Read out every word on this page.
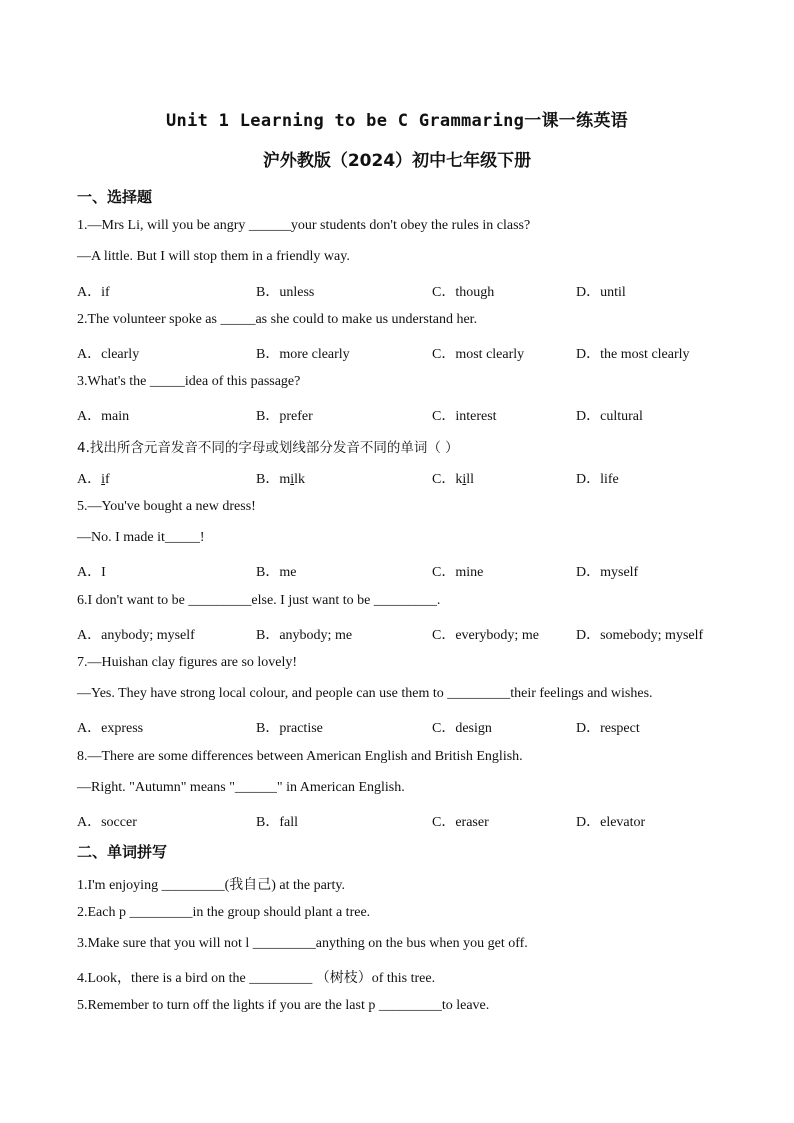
Unit 1 Learning to be C Grammaring一课一练英语
沪外教版（2024）初中七年级下册
一、选择题
1.—Mrs Li, will you be angry ______your students don't obey the rules in class?
—A little. But I will stop them in a friendly way.
A．if	B．unless	C．though	D．until
2.The volunteer spoke as _____as she could to make us understand her.
A．clearly	B．more clearly	C．most clearly	D．the most clearly
3.What's the _____idea of this passage?
A．main	B．prefer	C．interest	D．cultural
4.找出所含元音发音不同的字母或划线部分发音不同的单词（ ）
A．if	B．milk	C．kill	D．life
5.—You've bought a new dress!
—No. I made it_____!
A．I	B．me	C．mine	D．myself
6.I don't want to be _________else. I just want to be _________.
A．anybody; myself	B．anybody; me	C．everybody; me	D．somebody; myself
7.—Huishan clay figures are so lovely!
—Yes. They have strong local colour, and people can use them to _________their feelings and wishes.
A．express	B．practise	C．design	D．respect
8.—There are some differences between American English and British English.
—Right. "Autumn" means "______" in American English.
A．soccer	B．fall	C．eraser	D．elevator
二、单词拼写
1.I'm enjoying _________(我自己) at the party.
2.Each p _________in the group should plant a tree.
3.Make sure that you will not l _________anything on the bus when you get off.
4.Look，there is a bird on the _________ （树枝）of this tree.
5.Remember to turn off the lights if you are the last p _________to leave.
